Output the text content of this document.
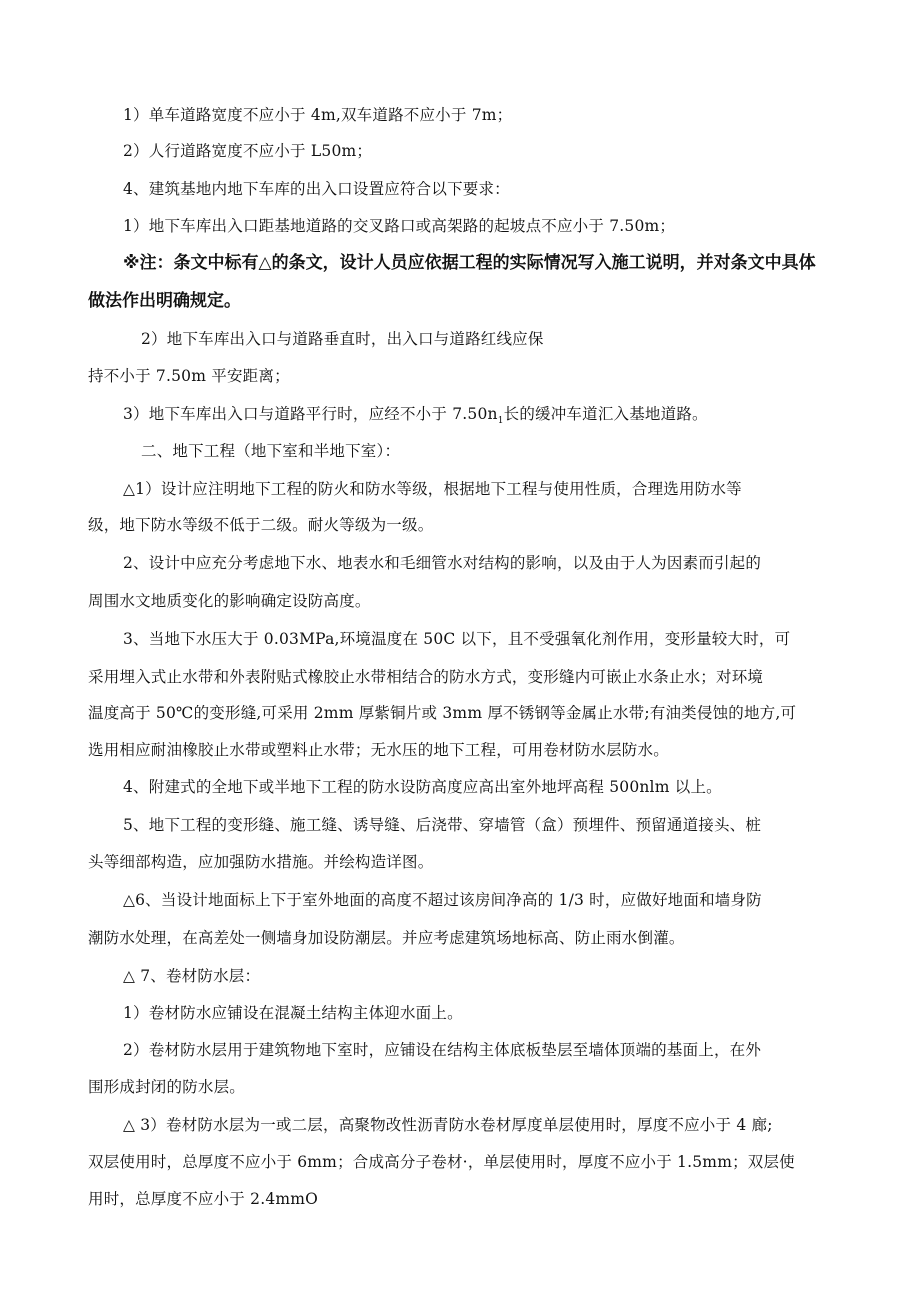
1）单车道路宽度不应小于 4m,双车道路不应小于 7m；
2）人行道路宽度不应小于 L50m；
4、建筑基地内地下车库的出入口设置应符合以下要求：
1）地下车库出入口距基地道路的交叉路口或高架路的起坡点不应小于 7.50m；
※注：条文中标有△的条文，设计人员应依据工程的实际情况写入施工说明，并对条文中具体
做法作出明确规定。
2）地下车库出入口与道路垂直时，出入口与道路红线应保
持不小于 7.50m 平安距离；
3）地下车库出入口与道路平行时，应经不小于 $7.50n_1$长的缓冲车道汇入基地道路。
二、地下工程（地下室和半地下室）：
△1）设计应注明地下工程的防火和防水等级，根据地下工程与使用性质，合理选用防水等
级，地下防水等级不低于二级。耐火等级为一级。
2、设计中应充分考虑地下水、地表水和毛细管水对结构的影响，以及由于人为因素而引起的
周围水文地质变化的影响确定设防高度。
3、当地下水压大于 0.03MPa,环境温度在 50C 以下，且不受强氧化剂作用，变形量较大时，可
采用埋入式止水带和外表附贴式橡胶止水带相结合的防水方式，变形缝内可嵌止水条止水；对环境
温度高于 50℃的变形缝,可采用 2mm 厚紫铜片或 3mm 厚不锈钢等金属止水带;有油类侵蚀的地方,可
选用相应耐油橡胶止水带或塑料止水带；无水压的地下工程，可用卷材防水层防水。
4、附建式的全地下或半地下工程的防水设防高度应高出室外地坪高程 500nlm 以上。
5、地下工程的变形缝、施工缝、诱导缝、后浇带、穿墙管（盒）预埋件、预留通道接头、桩
头等细部构造，应加强防水措施。并绘构造详图。
△6、当设计地面标上下于室外地面的高度不超过该房间净高的 1/3 时，应做好地面和墙身防
潮防水处理，在高差处一侧墙身加设防潮层。并应考虑建筑场地标高、防止雨水倒灌。
△ 7、卷材防水层：
1）卷材防水应铺设在混凝土结构主体迎水面上。
2）卷材防水层用于建筑物地下室时，应铺设在结构主体底板垫层至墙体顶端的基面上，在外
围形成封闭的防水层。
△ 3）卷材防水层为一或二层，高聚物改性沥青防水卷材厚度单层使用时，厚度不应小于 4 廊;
双层使用时，总厚度不应小于 6mm；合成高分子卷材·，单层使用时，厚度不应小于 1.5mm；双层使
用时，总厚度不应小于 2.4mmO
